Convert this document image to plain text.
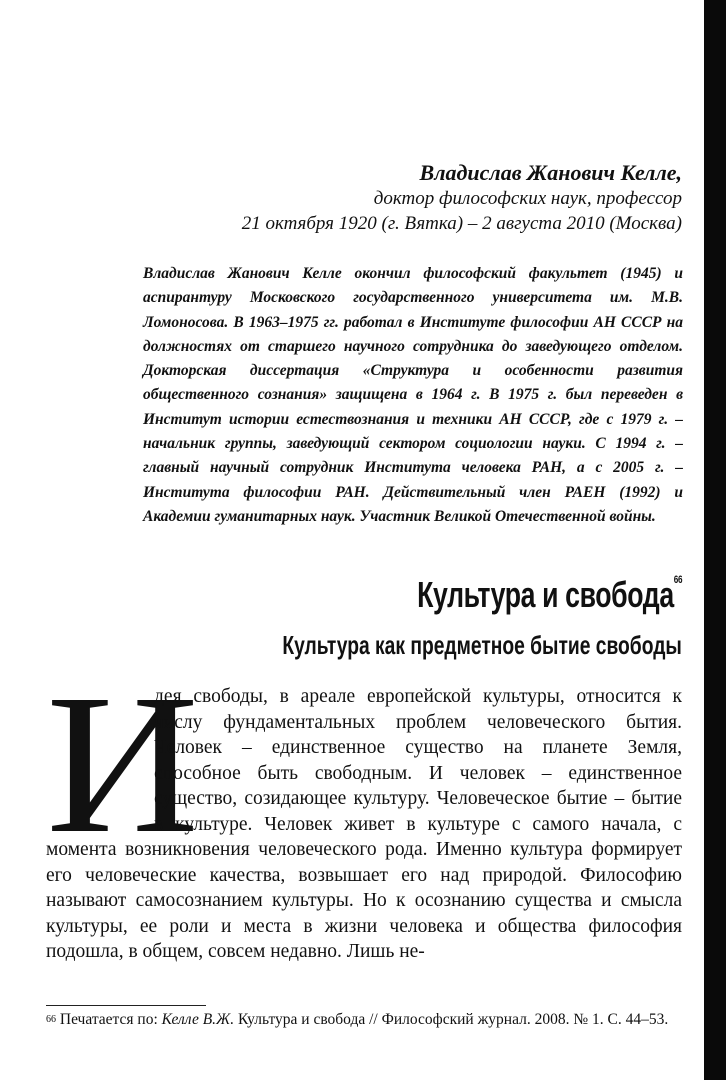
Владислав Жанович Келле,
доктор философских наук, профессор
21 октября 1920 (г. Вятка) – 2 августа 2010 (Москва)
Владислав Жанович Келле окончил философский факультет (1945) и аспирантуру Московского государственного университета им. М.В. Ломоносова. В 1963–1975 гг. работал в Институте философии АН СССР на должностях от старшего научного сотрудника до заведующего отделом. Докторская диссертация «Структура и особенности развития общественного сознания» защищена в 1964 г. В 1975 г. был переведен в Институт истории естествознания и техники АН СССР, где с 1979 г. – начальник группы, заведующий сектором социологии науки. С 1994 г. – главный научный сотрудник Института человека РАН, а с 2005 г. – Института философии РАН. Действительный член РАЕН (1992) и Академии гуманитарных наук. Участник Великой Отечественной войны.
Культура и свобода$^{66}$
Культура как предметное бытие свободы
И
дея свободы, в ареале европейской культуры, относится к числу фундаментальных проблем человеческого бытия. Человек – единственное существо на планете Земля, способное быть свободным. И человек – единственное существо, созидающее культуру. Человеческое бытие – бытие в культуре. Человек живет в культуре с самого начала, с момента возникновения человеческого рода. Именно культура формирует его человеческие качества, возвышает его над природой. Философию называют самосознанием культуры. Но к осознанию существа и смысла культуры, ее роли и места в жизни человека и общества философия подошла, в общем, совсем недавно. Лишь не-
$^{66}$ Печатается по: Келле В.Ж. Культура и свобода // Философский журнал. 2008. № 1. С. 44–53.
